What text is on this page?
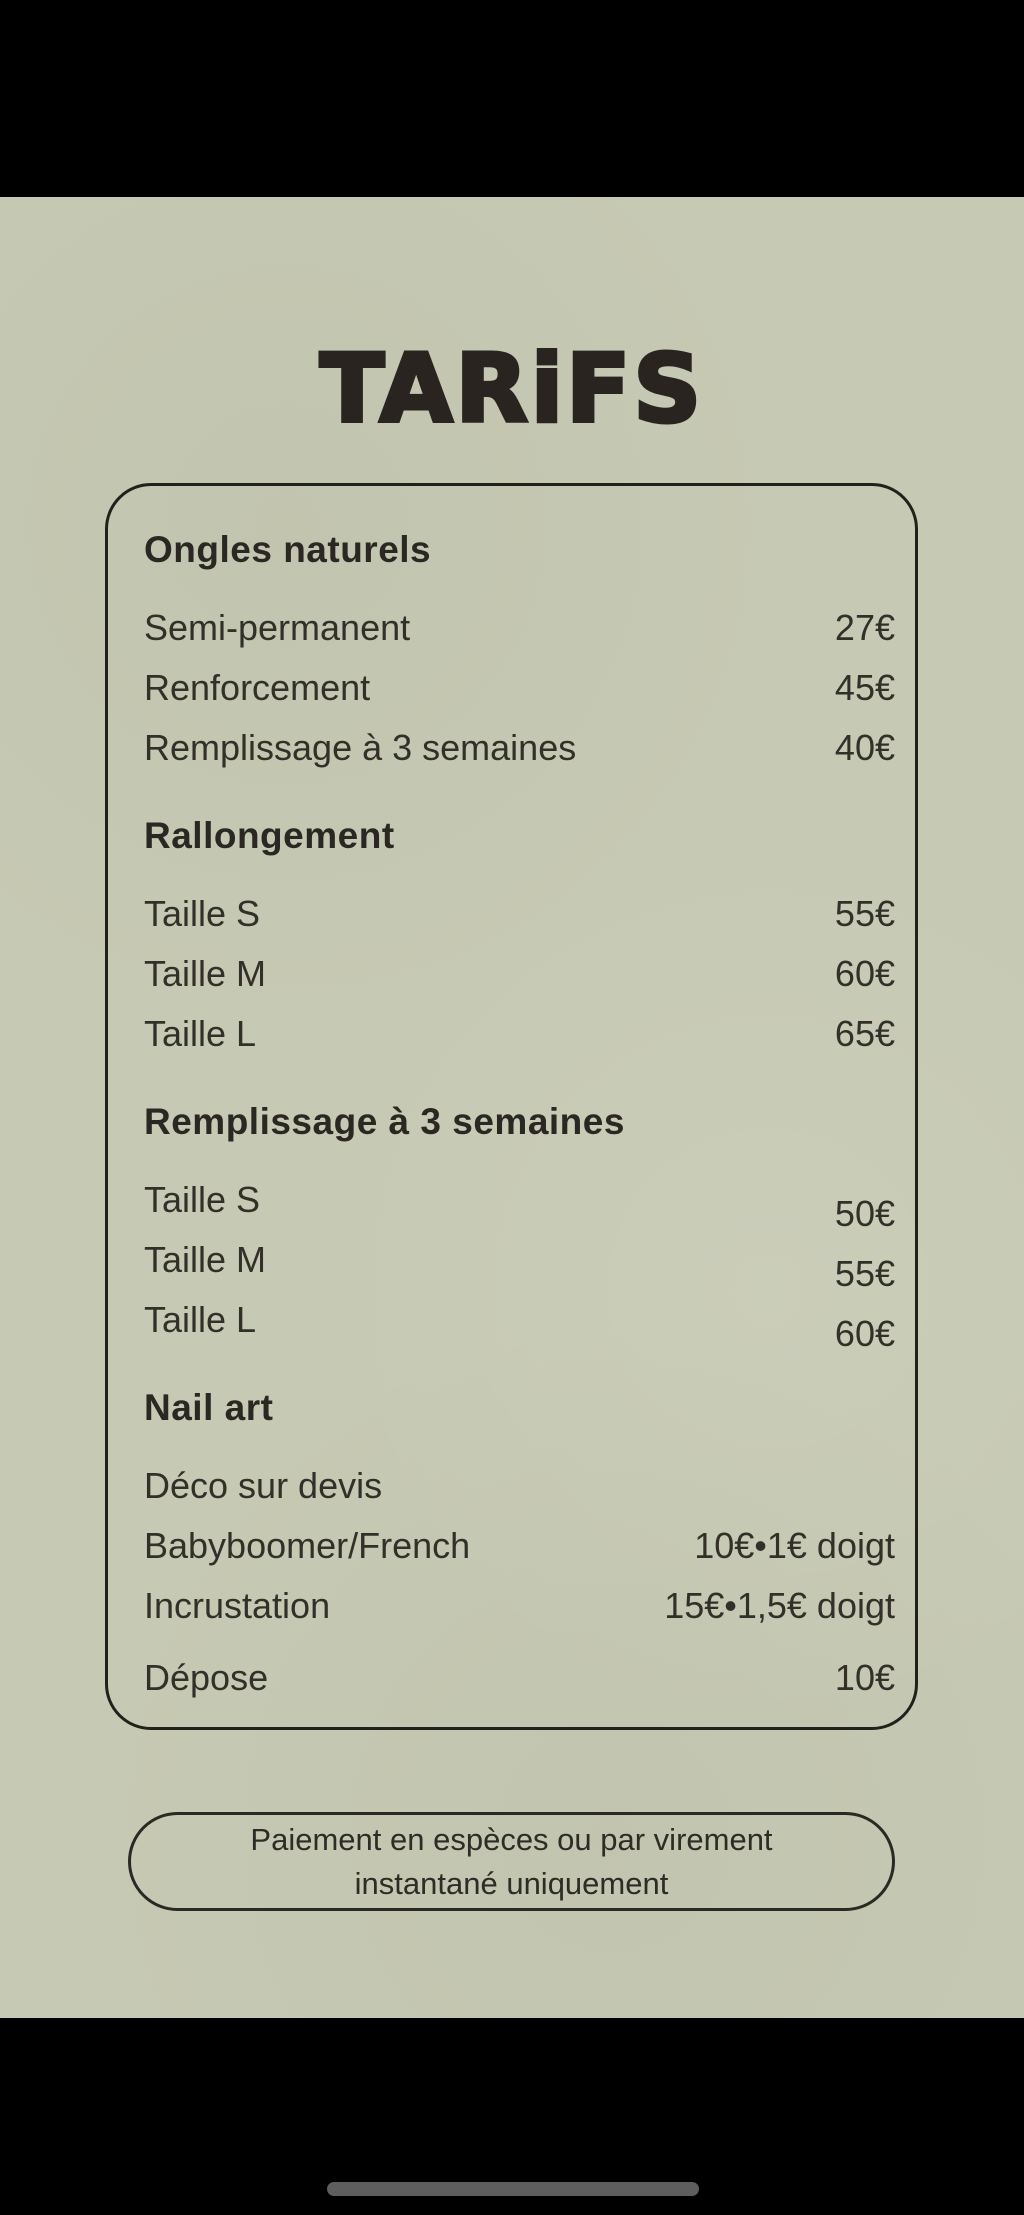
TARiFS
Ongles naturels
Semi-permanent	27€
Renforcement	45€
Remplissage à 3 semaines	40€
Rallongement
Taille S	55€
Taille M	60€
Taille L	65€
Remplissage à 3 semaines
Taille S	50€
Taille M	55€
Taille L	60€
Nail art
Déco sur devis
Babyboomer/French	10€•1€ doigt
Incrustation	15€•1,5€ doigt
Dépose	10€
Paiement en espèces ou par virement
instantané uniquement
